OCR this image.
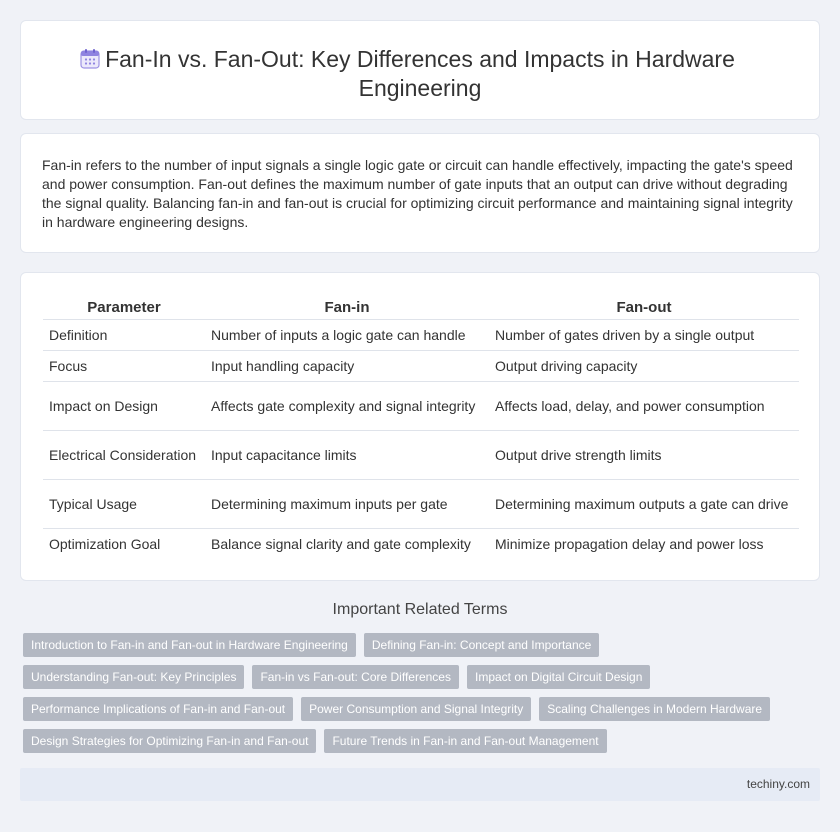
Fan-In vs. Fan-Out: Key Differences and Impacts in Hardware Engineering

Fan-in refers to the number of input signals a single logic gate or circuit can handle effectively, impacting the gate's speed and power consumption. Fan-out defines the maximum number of gate inputs that an output can drive without degrading the signal quality. Balancing fan-in and fan-out is crucial for optimizing circuit performance and maintaining signal integrity in hardware engineering designs.

Parameter	Fan-in	Fan-out
Definition	Number of inputs a logic gate can handle	Number of gates driven by a single output
Focus	Input handling capacity	Output driving capacity
Impact on Design	Affects gate complexity and signal integrity	Affects load, delay, and power consumption
Electrical Consideration	Input capacitance limits	Output drive strength limits
Typical Usage	Determining maximum inputs per gate	Determining maximum outputs a gate can drive
Optimization Goal	Balance signal clarity and gate complexity	Minimize propagation delay and power loss
Important Related Terms
Introduction to Fan-in and Fan-out in Hardware Engineering	Defining Fan-in: Concept and Importance
Understanding Fan-out: Key Principles	Fan-in vs Fan-out: Core Differences	Impact on Digital Circuit Design
Performance Implications of Fan-in and Fan-out	Power Consumption and Signal Integrity	Scaling Challenges in Modern Hardware
Design Strategies for Optimizing Fan-in and Fan-out	Future Trends in Fan-in and Fan-out Management
techiny.com
